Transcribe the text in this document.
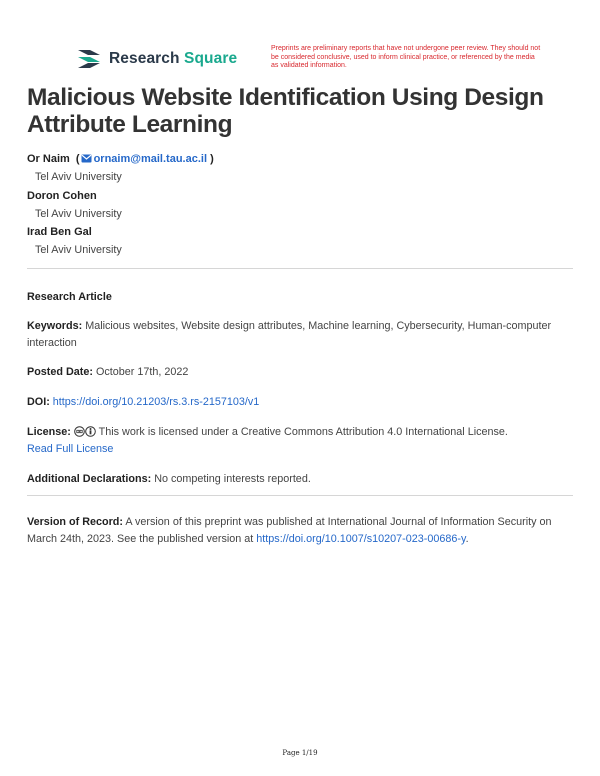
Research Square
Preprints are preliminary reports that have not undergone peer review. They should not be considered conclusive, used to inform clinical practice, or referenced by the media as validated information.
Malicious Website Identification Using Design Attribute Learning
Or Naim  ( ornaim@mail.tau.ac.il )
Tel Aviv University
Doron Cohen
Tel Aviv University
Irad Ben Gal
Tel Aviv University
Research Article
Keywords: Malicious websites, Website design attributes, Machine learning, Cybersecurity, Human-computer interaction
Posted Date: October 17th, 2022
DOI: https://doi.org/10.21203/rs.3.rs-2157103/v1
License:	This work is licensed under a Creative Commons Attribution 4.0 International License.
Read Full License
Additional Declarations: No competing interests reported.
Version of Record: A version of this preprint was published at International Journal of Information Security on March 24th, 2023. See the published version at https://doi.org/10.1007/s10207-023-00686-y.
Page 1/19
